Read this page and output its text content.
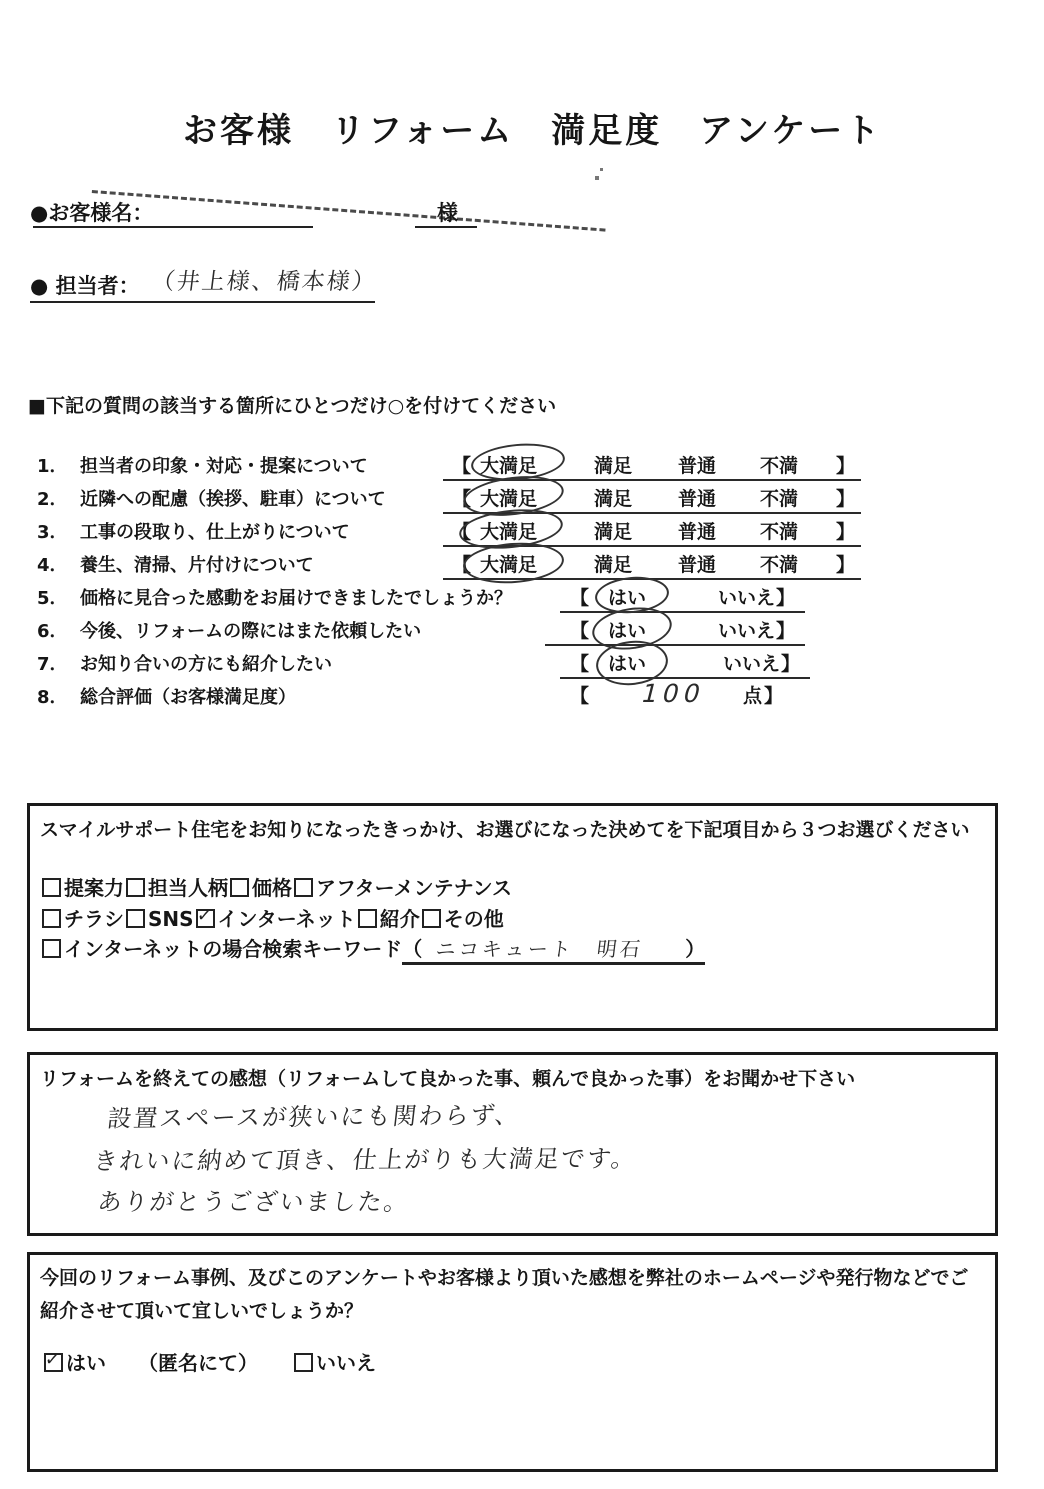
お客様　リフォーム　満足度　アンケート
●お客様名：	様
● 担当者： （井上様、橋本様）
■下記の質問の該当する箇所にひとつだけ○を付けてください
1． 担当者の印象・対応・提案について	【 大満足	満足 普通 不満 】
2． 近隣への配慮（挨拶、駐車）について	【 大満足	満足 普通 不満 】
3． 工事の段取り、仕上がりについて	【 大満足	満足 普通 不満 】
4． 養生、清掃、片付けについて	【 大満足	満足 普通 不満 】
5． 価格に見合った感動をお届けできましたでしょうか？	【 はい	いいえ 】
6． 今後、リフォームの際にはまた依頼したい	【 はい	いいえ 】
7． お知り合いの方にも紹介したい	【 はい	いいえ 】
8． 総合評価（お客様満足度）	【 100 点 】
スマイルサポート住宅をお知りになったきっかけ、お選びになった決めてを下記項目から３つお選びください
提案力 担当人柄 価格 アフターメンテナンス
チラシ SNS ✓ インターネット 紹介 その他
インターネットの場合検索キーワード （ ニコキュート　明石 ）
リフォームを終えての感想（リフォームして良かった事、頼んで良かった事）をお聞かせ下さい
設置スペースが狭いにも関わらず、
きれいに納めて頂き、仕上がりも大満足です。
ありがとうございました。
今回のリフォーム事例、及びこのアンケートやお客様より頂いた感想を弊社のホームページや発行物などでご紹介させて頂いて宜しいでしょうか？
✓ はい （匿名にて）	いいえ
